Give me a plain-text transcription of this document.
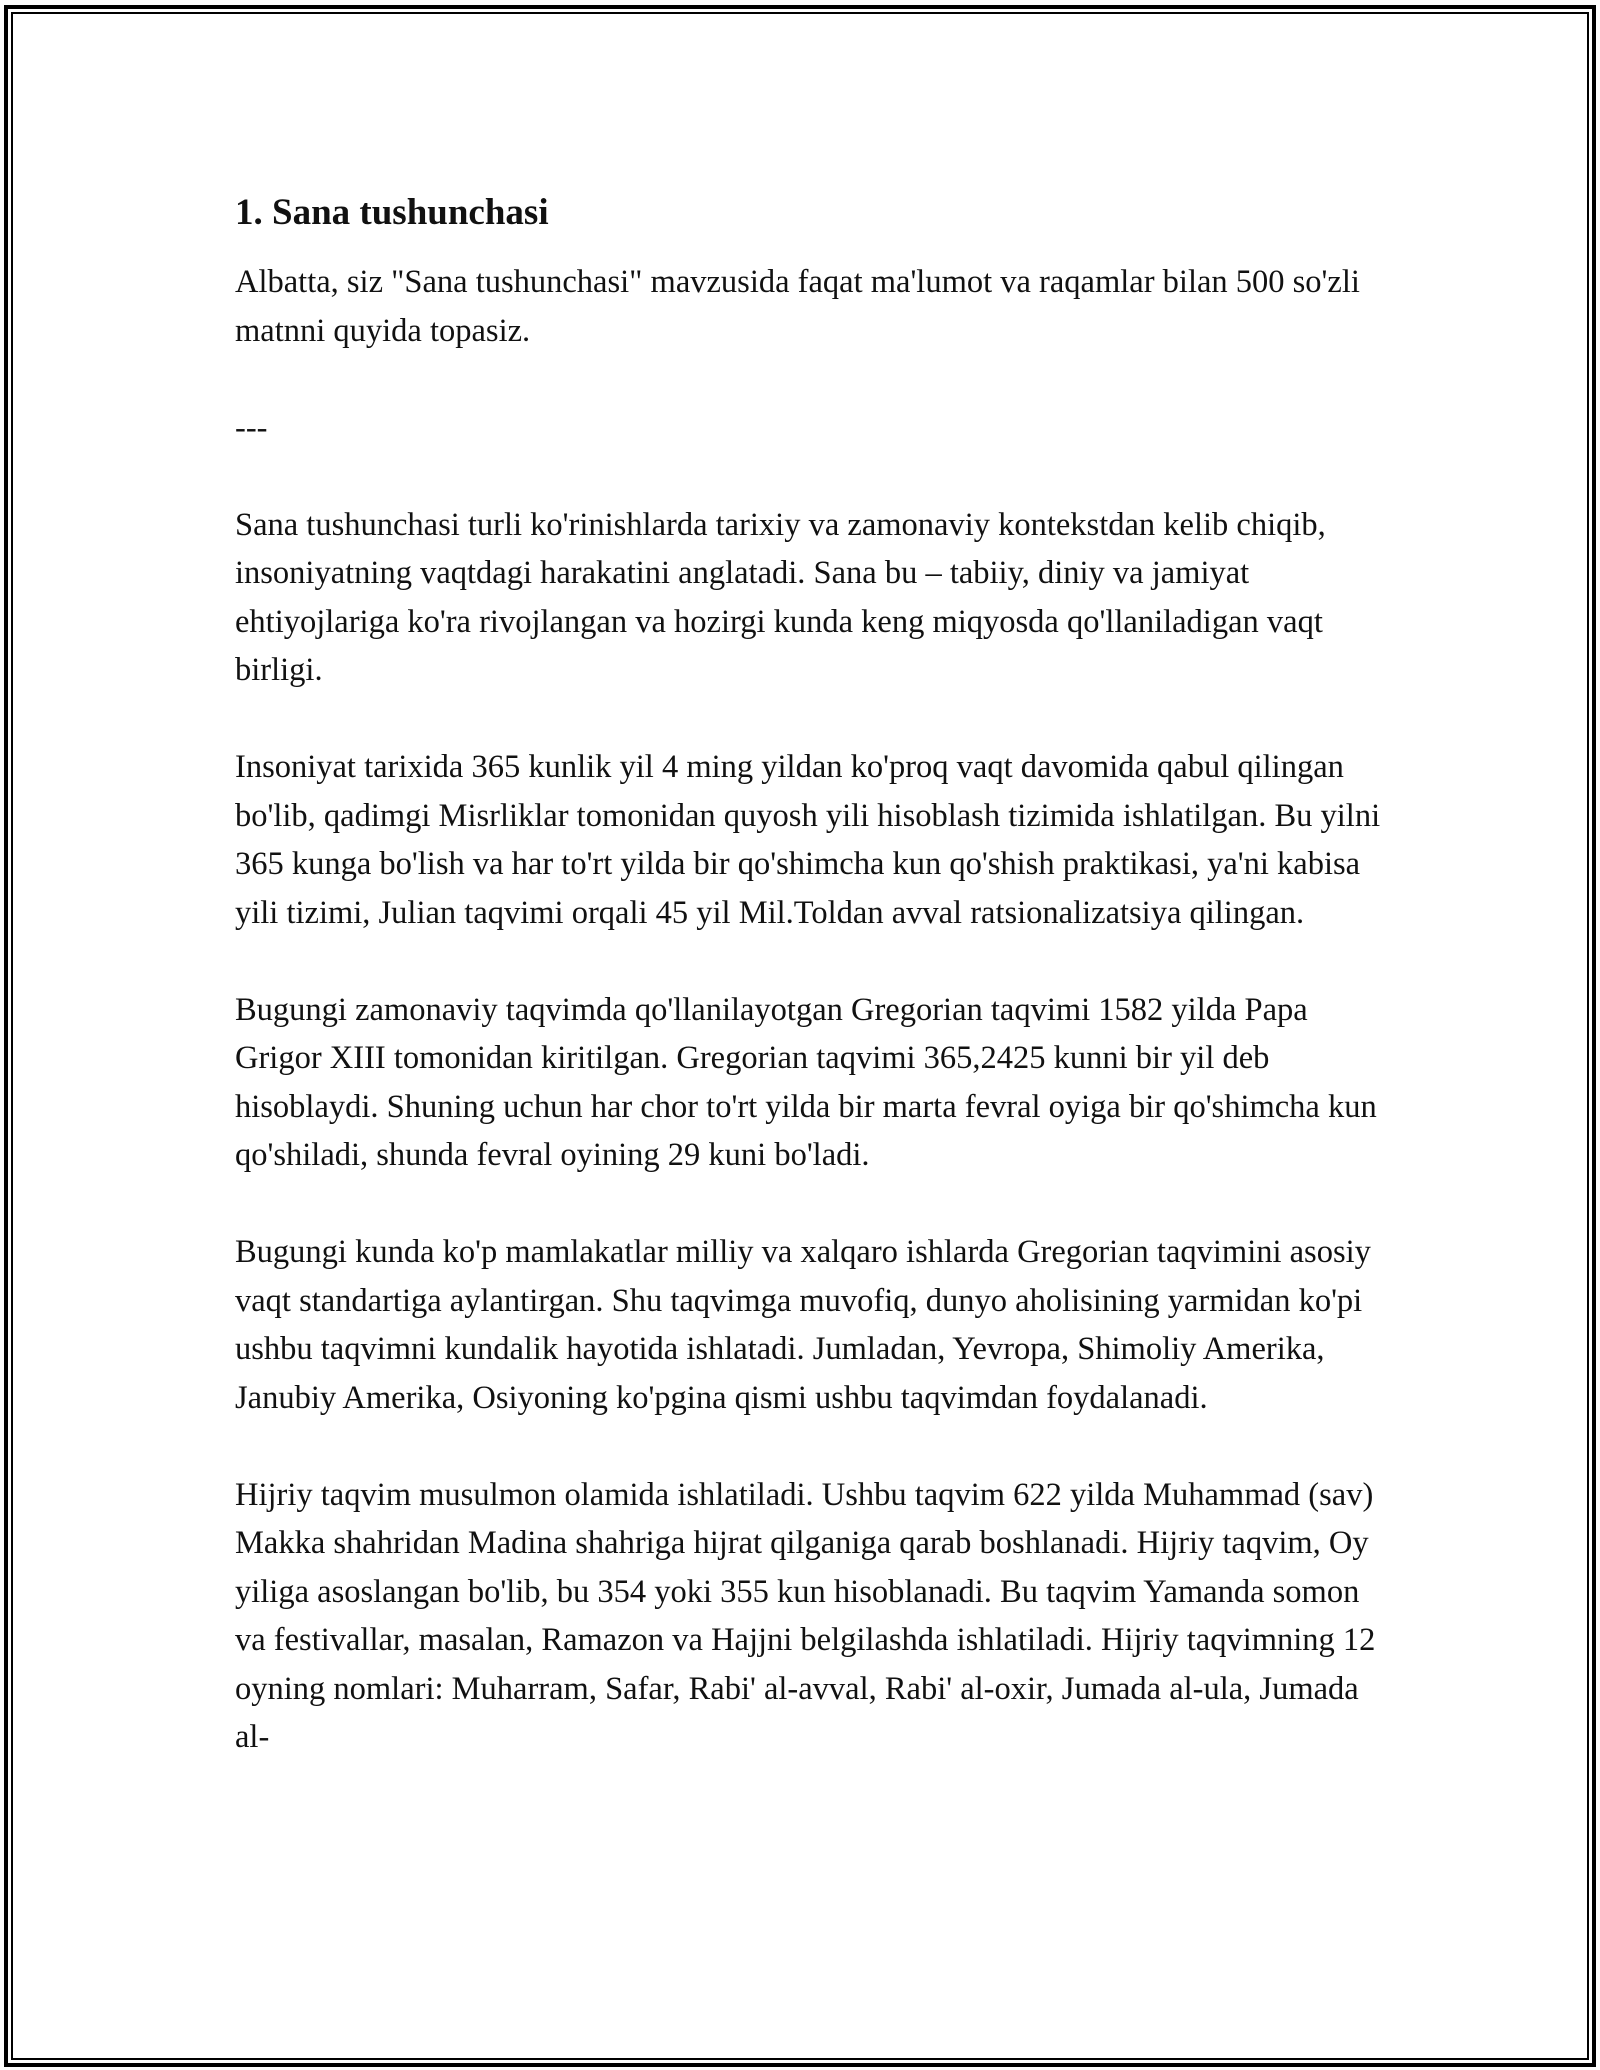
1. Sana tushunchasi

Albatta, siz "Sana tushunchasi" mavzusida faqat ma'lumot va raqamlar bilan 500 so'zli matnni quyida topasiz.

---

Sana tushunchasi turli ko'rinishlarda tarixiy va zamonaviy kontekstdan kelib chiqib, insoniyatning vaqtdagi harakatini anglatadi. Sana bu – tabiiy, diniy va jamiyat ehtiyojlariga ko'ra rivojlangan va hozirgi kunda keng miqyosda qo'llaniladigan vaqt birligi.

Insoniyat tarixida 365 kunlik yil 4 ming yildan ko'proq vaqt davomida qabul qilingan bo'lib, qadimgi Misrliklar tomonidan quyosh yili hisoblash tizimida ishlatilgan. Bu yilni 365 kunga bo'lish va har to'rt yilda bir qo'shimcha kun qo'shish praktikasi, ya'ni kabisa yili tizimi, Julian taqvimi orqali 45 yil Mil.Toldan avval ratsionalizatsiya qilingan.

Bugungi zamonaviy taqvimda qo'llanilayotgan Gregorian taqvimi 1582 yilda Papa Grigor XIII tomonidan kiritilgan. Gregorian taqvimi 365,2425 kunni bir yil deb hisoblaydi. Shuning uchun har chor to'rt yilda bir marta fevral oyiga bir qo'shimcha kun qo'shiladi, shunda fevral oyining 29 kuni bo'ladi.

Bugungi kunda ko'p mamlakatlar milliy va xalqaro ishlarda Gregorian taqvimini asosiy vaqt standartiga aylantirgan. Shu taqvimga muvofiq, dunyo aholisining yarmidan ko'pi ushbu taqvimni kundalik hayotida ishlatadi. Jumladan, Yevropa, Shimoliy Amerika, Janubiy Amerika, Osiyoning ko'pgina qismi ushbu taqvimdan foydalanadi.

Hijriy taqvim musulmon olamida ishlatiladi. Ushbu taqvim 622 yilda Muhammad (sav) Makka shahridan Madina shahriga hijrat qilganiga qarab boshlanadi. Hijriy taqvim, Oy yiliga asoslangan bo'lib, bu 354 yoki 355 kun hisoblanadi. Bu taqvim Yamanda somon va festivallar, masalan, Ramazon va Hajjni belgilashda ishlatiladi. Hijriy taqvimning 12 oyning nomlari: Muharram, Safar, Rabi' al-avval, Rabi' al-oxir, Jumada al-ula, Jumada al-
